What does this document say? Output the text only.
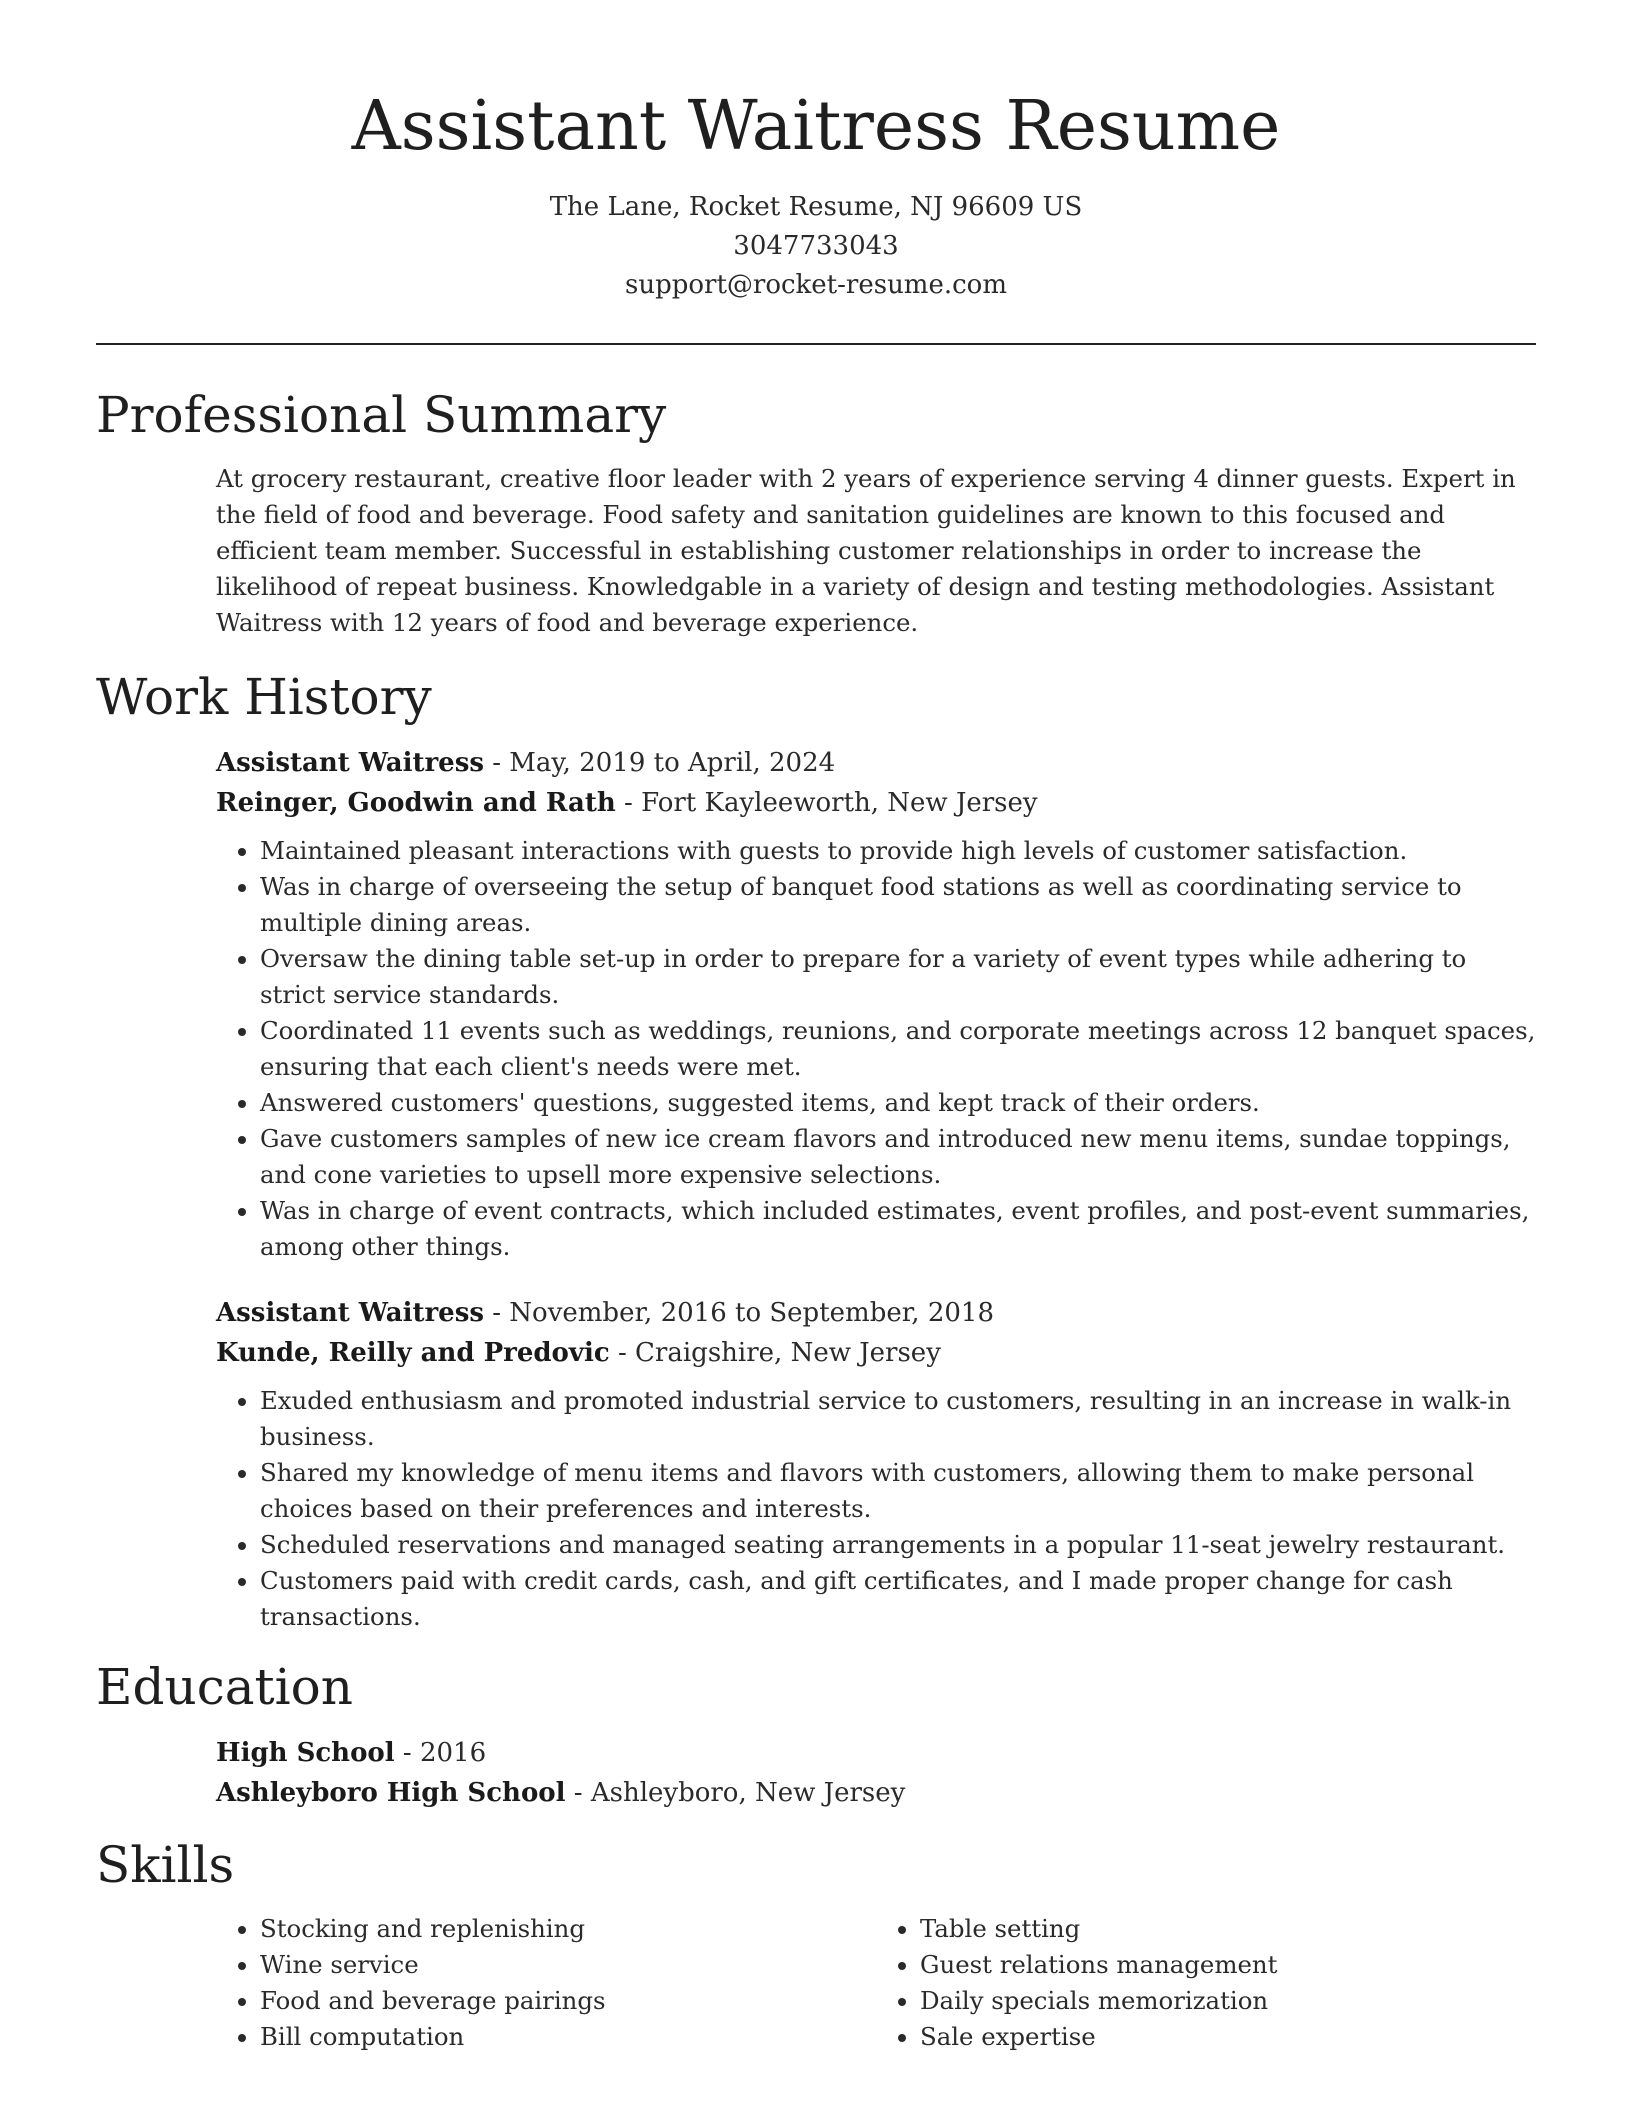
Assistant Waitress Resume
The Lane, Rocket Resume, NJ 96609 US
3047733043
support@rocket-resume.com
Professional Summary
At grocery restaurant, creative floor leader with 2 years of experience serving 4 dinner guests. Expert in the field of food and beverage. Food safety and sanitation guidelines are known to this focused and efficient team member. Successful in establishing customer relationships in order to increase the likelihood of repeat business. Knowledgable in a variety of design and testing methodologies. Assistant Waitress with 12 years of food and beverage experience.
Work History
Assistant Waitress - May, 2019 to April, 2024
Reinger, Goodwin and Rath - Fort Kayleeworth, New Jersey
• Maintained pleasant interactions with guests to provide high levels of customer satisfaction.
• Was in charge of overseeing the setup of banquet food stations as well as coordinating service to multiple dining areas.
• Oversaw the dining table set-up in order to prepare for a variety of event types while adhering to strict service standards.
• Coordinated 11 events such as weddings, reunions, and corporate meetings across 12 banquet spaces, ensuring that each client's needs were met.
• Answered customers' questions, suggested items, and kept track of their orders.
• Gave customers samples of new ice cream flavors and introduced new menu items, sundae toppings, and cone varieties to upsell more expensive selections.
• Was in charge of event contracts, which included estimates, event profiles, and post-event summaries, among other things.
Assistant Waitress - November, 2016 to September, 2018
Kunde, Reilly and Predovic - Craigshire, New Jersey
• Exuded enthusiasm and promoted industrial service to customers, resulting in an increase in walk-in business.
• Shared my knowledge of menu items and flavors with customers, allowing them to make personal choices based on their preferences and interests.
• Scheduled reservations and managed seating arrangements in a popular 11-seat jewelry restaurant.
• Customers paid with credit cards, cash, and gift certificates, and I made proper change for cash transactions.
Education
High School - 2016
Ashleyboro High School - Ashleyboro, New Jersey
Skills
• Stocking and replenishing
• Wine service
• Food and beverage pairings
• Bill computation
• Table setting
• Guest relations management
• Daily specials memorization
• Sale expertise
